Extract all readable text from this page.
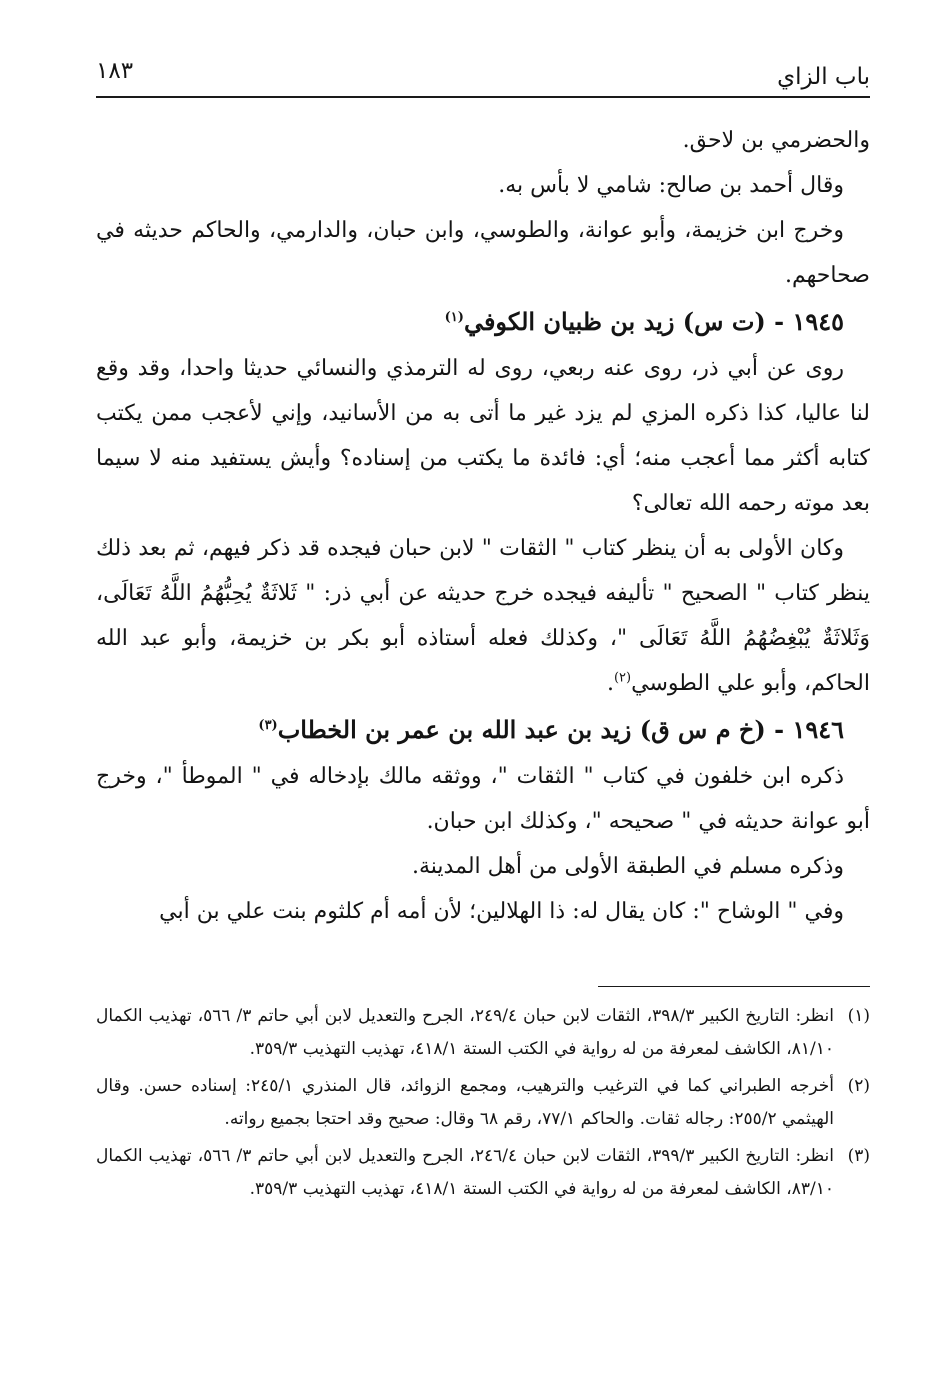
باب الزاي
١٨٣

والحضرمي بن لاحق.

وقال أحمد بن صالح: شامي لا بأس به.

وخرج ابن خزيمة، وأبو عوانة، والطوسي، وابن حبان، والدارمي، والحاكم حديثه في صحاحهم.

١٩٤٥ - (ت س) زيد بن ظبيان الكوفي$^{(١)}$

روى عن أبي ذر، روى عنه ربعي، روى له الترمذي والنسائي حديثا واحدا، وقد وقع لنا عاليا، كذا ذكره المزي لم يزد غير ما أتى به من الأسانيد، وإني لأعجب ممن يكتب كتابه أكثر مما أعجب منه؛ أي: فائدة ما يكتب من إسناده؟ وأيش يستفيد منه لا سيما بعد موته رحمه الله تعالى؟

وكان الأولى به أن ينظر كتاب " الثقات " لابن حبان فيجده قد ذكر فيهم، ثم بعد ذلك ينظر كتاب " الصحيح " تأليفه فيجده خرج حديثه عن أبي ذر: " ثَلاثَةٌ يُحِبُّهُمُ اللَّهُ تَعَالَى، وَثَلاثَةٌ يُبْغِضُهُمُ اللَّهُ تَعَالَى "، وكذلك فعله أستاذه أبو بكر بن خزيمة، وأبو عبد الله الحاكم، وأبو علي الطوسي$^{(٢)}$.

١٩٤٦ - (خ م س ق) زيد بن عبد الله بن عمر بن الخطاب$^{(٣)}$

ذكره ابن خلفون في كتاب " الثقات "، ووثقه مالك بإدخاله في " الموطأ "، وخرج أبو عوانة حديثه في " صحيحه "، وكذلك ابن حبان.

وذكره مسلم في الطبقة الأولى من أهل المدينة.

وفي " الوشاح ": كان يقال له: ذا الهلالين؛ لأن أمه أم كلثوم بنت علي بن أبي

(١)
انظر: التاريخ الكبير ٣٩٨/٣، الثقات لابن حبان ٢٤٩/٤، الجرح والتعديل لابن أبي حاتم ٣/ ٥٦٦، تهذيب الكمال ٨١/١٠، الكاشف لمعرفة من له رواية في الكتب الستة ٤١٨/١، تهذيب التهذيب ٣٥٩/٣.

(٢)
أخرجه الطبراني كما في الترغيب والترهيب، ومجمع الزوائد، قال المنذري ٢٤٥/١: إسناده حسن. وقال الهيثمي ٢٥٥/٢: رجاله ثقات. والحاكم ٧٧/١، رقم ٦٨ وقال: صحيح وقد احتجا بجميع رواته.

(٣)
انظر: التاريخ الكبير ٣٩٩/٣، الثقات لابن حبان ٢٤٦/٤، الجرح والتعديل لابن أبي حاتم ٣/ ٥٦٦، تهذيب الكمال ٨٣/١٠، الكاشف لمعرفة من له رواية في الكتب الستة ٤١٨/١، تهذيب التهذيب ٣٥٩/٣.
